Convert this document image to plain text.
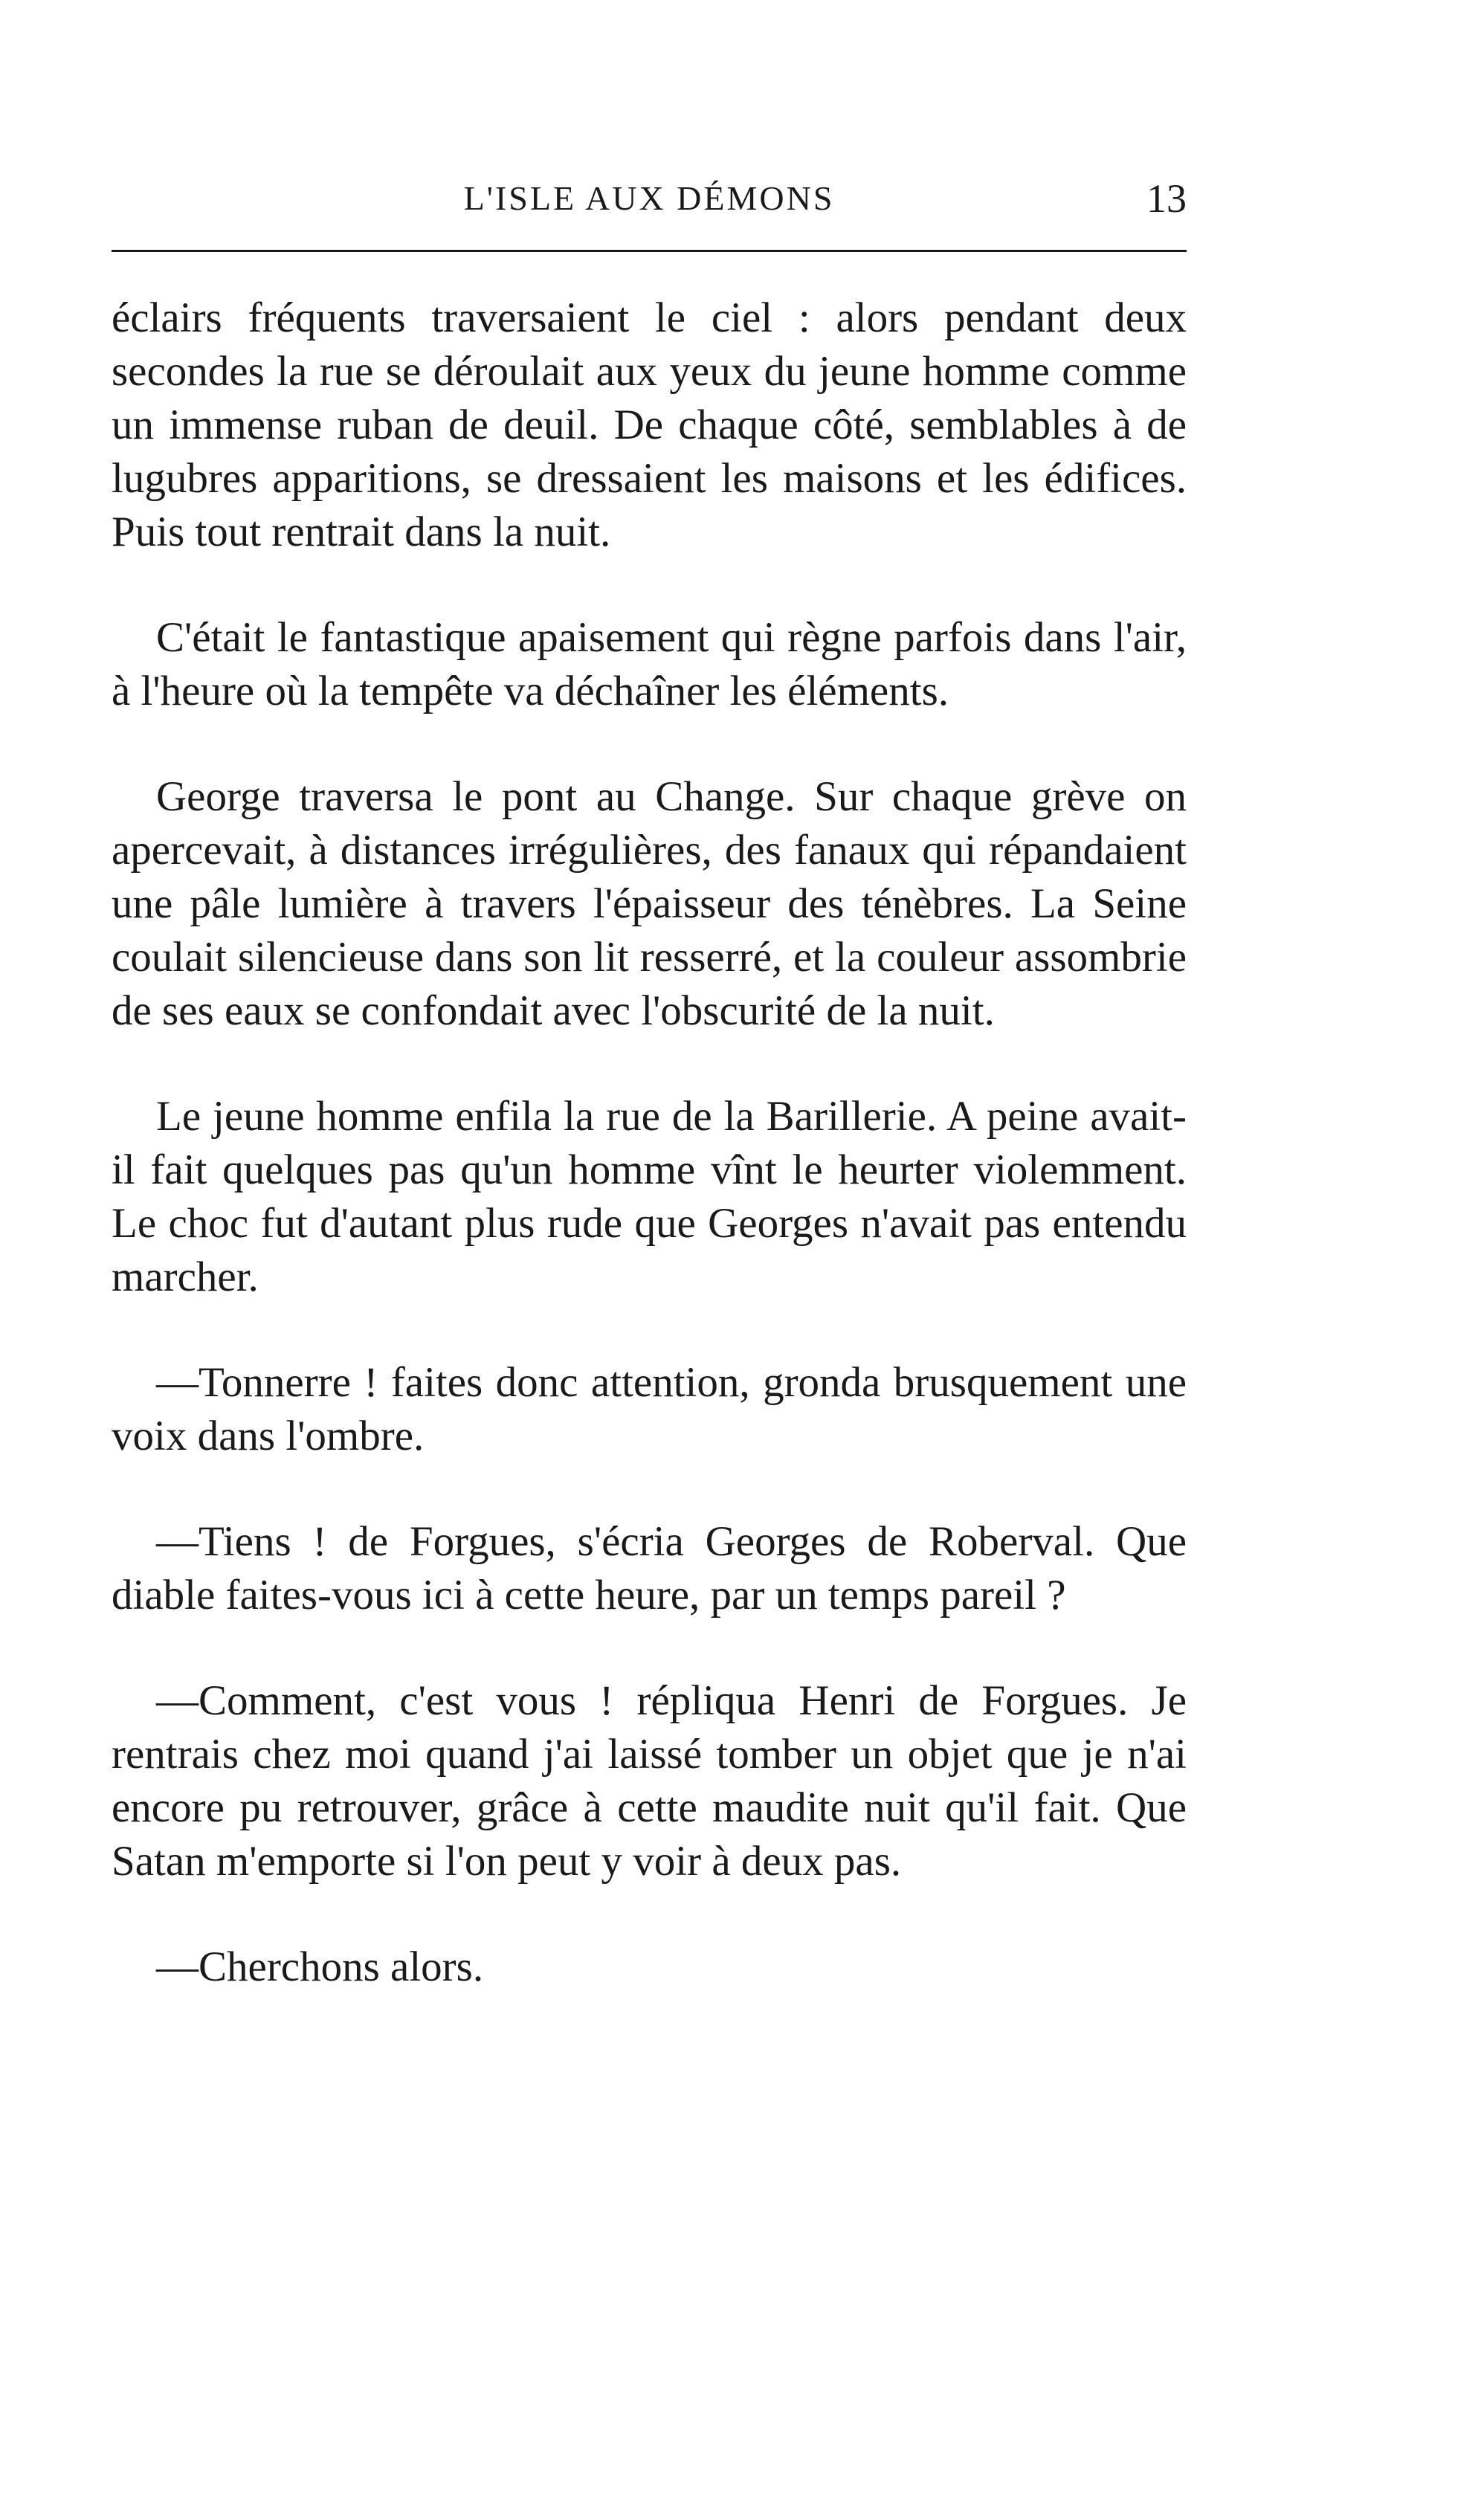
L'ISLE AUX DÉMONS	13

éclairs fréquents traversaient le ciel : alors pendant deux secondes la rue se déroulait aux yeux du jeune homme comme un immense ruban de deuil. De chaque côté, semblables à de lugubres apparitions, se dressaient les maisons et les édifices. Puis tout rentrait dans la nuit.

C'était le fantastique apaisement qui règne parfois dans l'air, à l'heure où la tempête va déchaîner les éléments.

George traversa le pont au Change. Sur chaque grève on apercevait, à distances irrégulières, des fanaux qui répandaient une pâle lumière à travers l'épaisseur des ténèbres. La Seine coulait silencieuse dans son lit resserré, et la couleur assombrie de ses eaux se confondait avec l'obscurité de la nuit.

Le jeune homme enfila la rue de la Barillerie. A peine avait-il fait quelques pas qu'un homme vînt le heurter violemment. Le choc fut d'autant plus rude que Georges n'avait pas entendu marcher.

—Tonnerre ! faites donc attention, gronda brusquement une voix dans l'ombre.

—Tiens ! de Forgues, s'écria Georges de Roberval. Que diable faites-vous ici à cette heure, par un temps pareil ?

—Comment, c'est vous ! répliqua Henri de Forgues. Je rentrais chez moi quand j'ai laissé tomber un objet que je n'ai encore pu retrouver, grâce à cette maudite nuit qu'il fait. Que Satan m'emporte si l'on peut y voir à deux pas.

—Cherchons alors.
